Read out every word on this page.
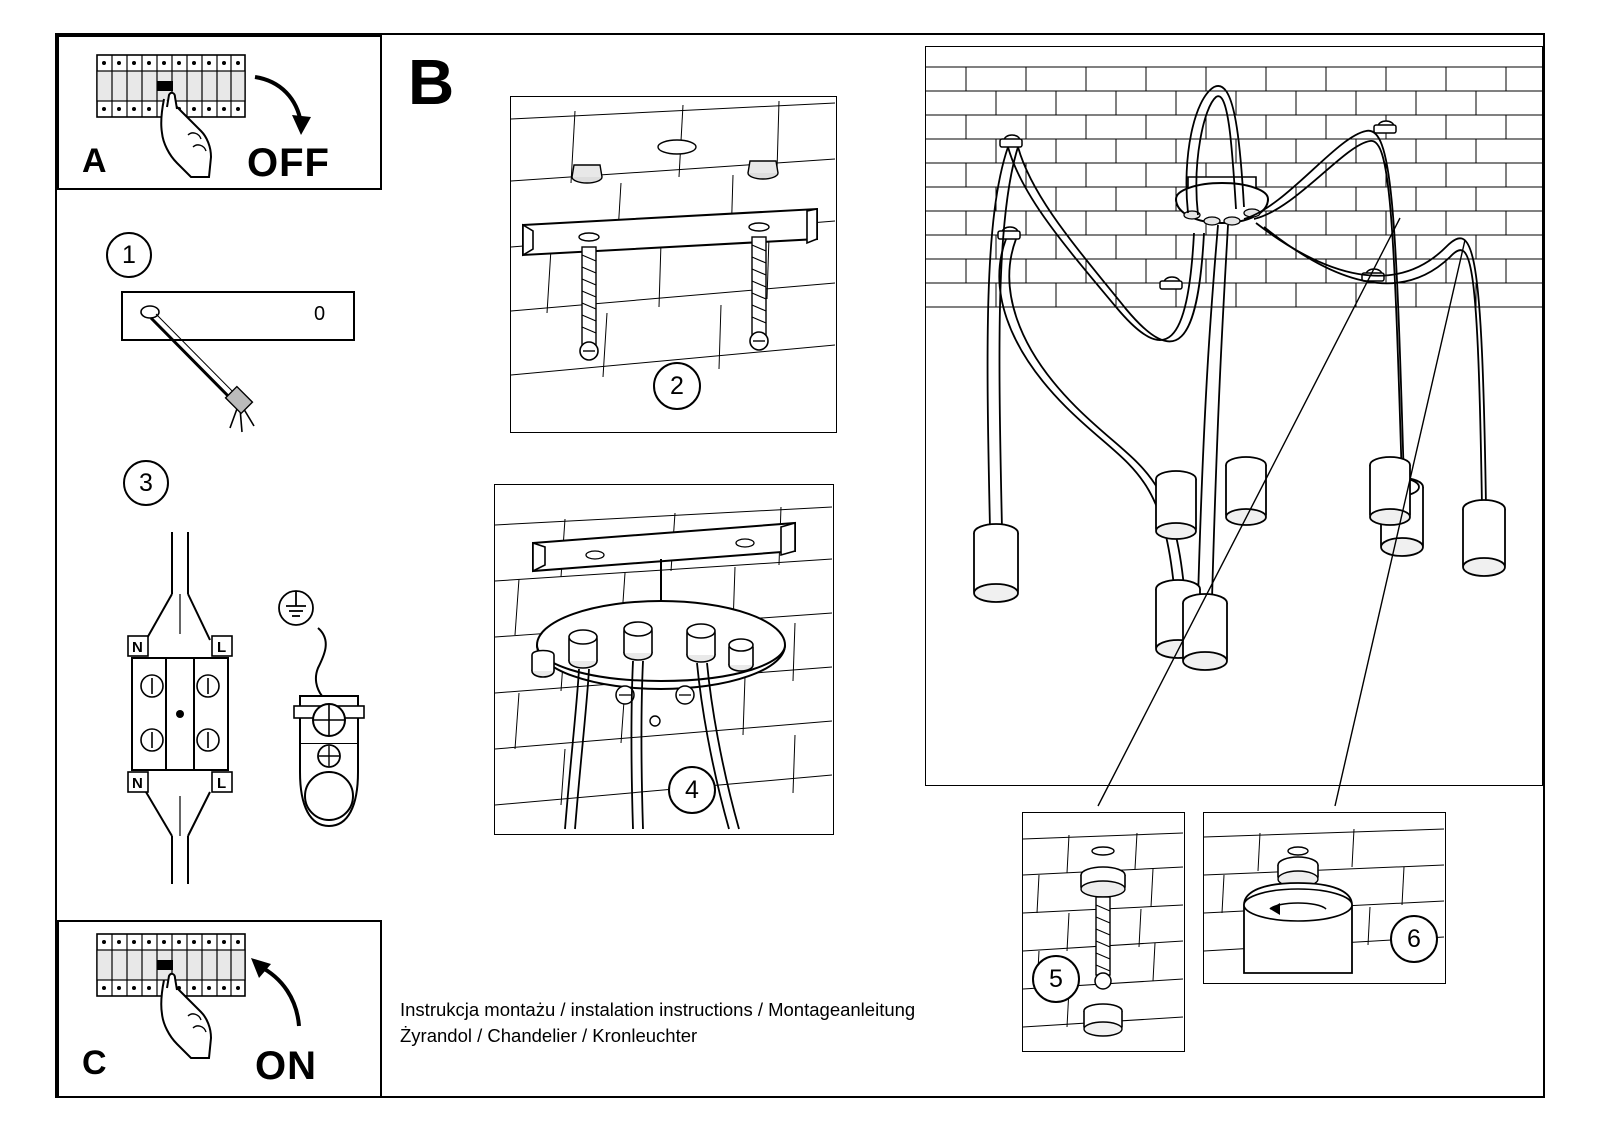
A	OFF
1
0
3
N	L
N	L
C	ON
B
2
4
5
6
Instrukcja montażu / instalation instructions / Montageanleitung
Żyrandol / Chandelier / Kronleuchter
